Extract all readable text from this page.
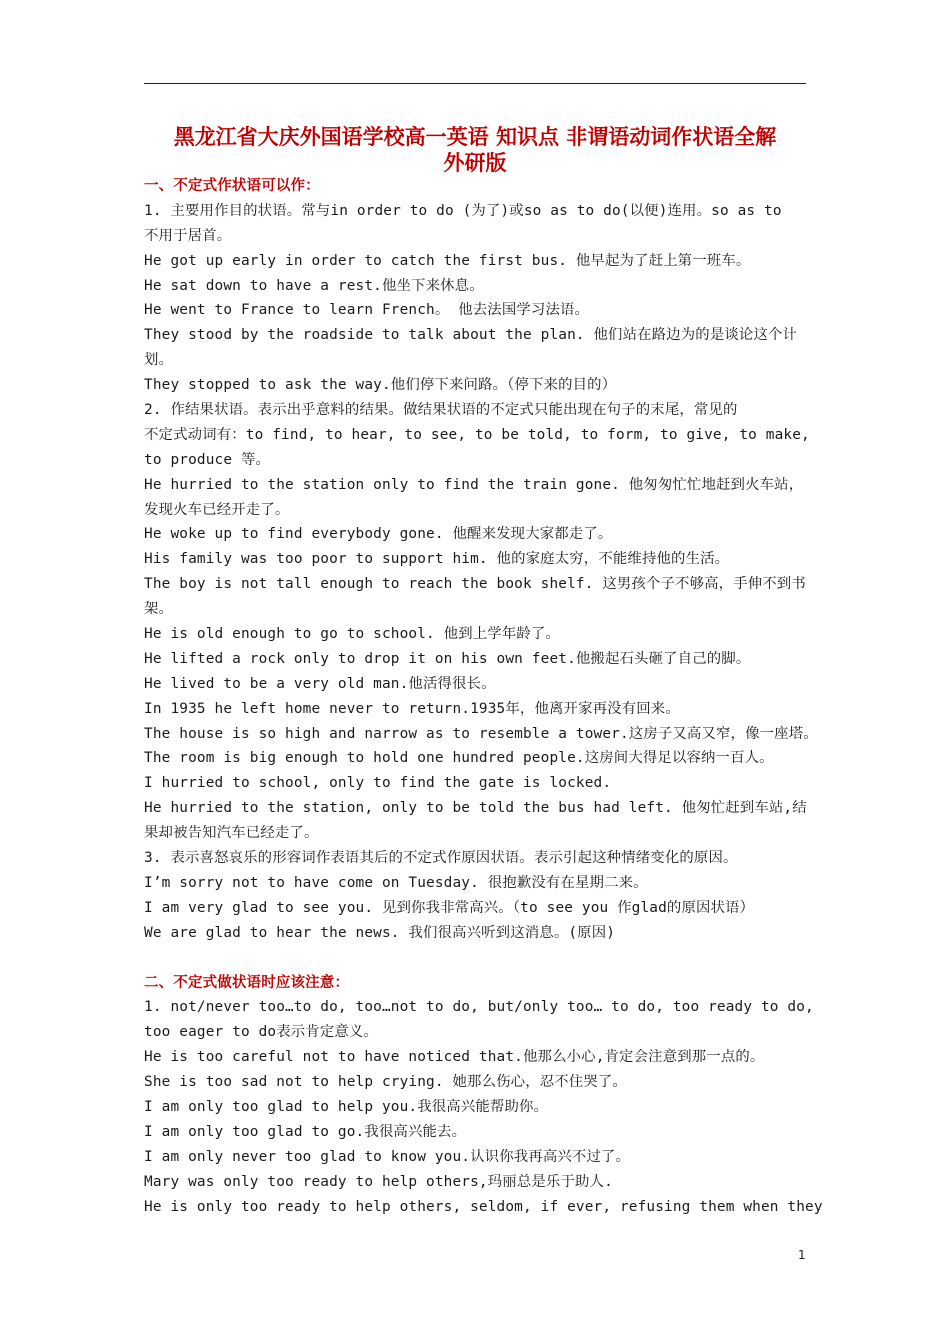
黑龙江省大庆外国语学校高一英语 知识点 非谓语动词作状语全解
外研版
一、不定式作状语可以作：
1. 主要用作目的状语。常与in order to do (为了)或so as to do(以便)连用。so as to
不用于居首。
He got up early in order to catch the first bus. 他早起为了赶上第一班车。
He sat down to have a rest.他坐下来休息。
He went to France to learn French。 他去法国学习法语。
They stood by the roadside to talk about the plan. 他们站在路边为的是谈论这个计
划。
They stopped to ask the way.他们停下来问路。（停下来的目的）
2. 作结果状语。表示出乎意料的结果。做结果状语的不定式只能出现在句子的末尾，常见的
不定式动词有：to find, to hear, to see, to be told, to form, to give, to make,
to produce 等。
He hurried to the station only to find the train gone. 他匆匆忙忙地赶到火车站，
发现火车已经开走了。
He woke up to find everybody gone. 他醒来发现大家都走了。
His family was too poor to support him. 他的家庭太穷，不能维持他的生活。
The boy is not tall enough to reach the book shelf. 这男孩个子不够高，手伸不到书
架。
He is old enough to go to school. 他到上学年龄了。
He lifted a rock only to drop it on his own feet.他搬起石头砸了自己的脚。
He lived to be a very old man.他活得很长。
In 1935 he left home never to return.1935年，他离开家再没有回来。
The house is so high and narrow as to resemble a tower.这房子又高又窄，像一座塔。
The room is big enough to hold one hundred people.这房间大得足以容纳一百人。
I hurried to school, only to find the gate is locked.
He hurried to the station, only to be told the bus had left. 他匆忙赶到车站,结
果却被告知汽车已经走了。
3. 表示喜怒哀乐的形容词作表语其后的不定式作原因状语。表示引起这种情绪变化的原因。
I’m sorry not to have come on Tuesday. 很抱歉没有在星期二来。
I am very glad to see you. 见到你我非常高兴。（to see you 作glad的原因状语）
We are glad to hear the news. 我们很高兴听到这消息。(原因)
二、不定式做状语时应该注意：
1. not/never too…to do, too…not to do, but/only too… to do, too ready to do,
too eager to do表示肯定意义。
He is too careful not to have noticed that.他那么小心,肯定会注意到那一点的。
She is too sad not to help crying. 她那么伤心，忍不住哭了。
I am only too glad to help you.我很高兴能帮助你。
I am only too glad to go.我很高兴能去。
I am only never too glad to know you.认识你我再高兴不过了。
Mary was only too ready to help others,玛丽总是乐于助人.
He is only too ready to help others, seldom, if ever, refusing them when they
1
